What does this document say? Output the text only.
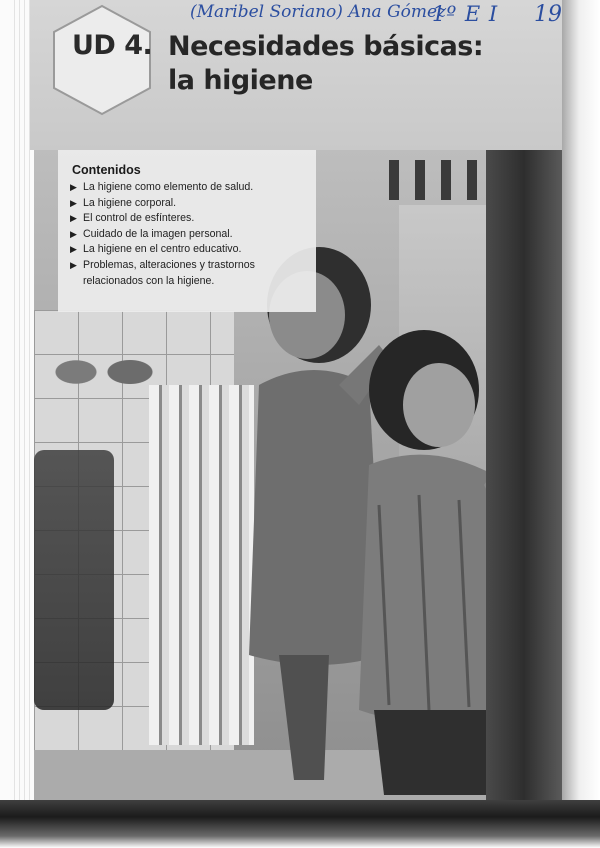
UD 4. Necesidades básicas:
la higiene
(Maribel Soriano) Ana Gómez
1º E I 19
Contenidos
▶ La higiene como elemento de salud.
▶ La higiene corporal.
▶ El control de esfínteres.
▶ Cuidado de la imagen personal.
▶ La higiene en el centro educativo.
▶ Problemas, alteraciones y trastornos
relacionados con la higiene.
